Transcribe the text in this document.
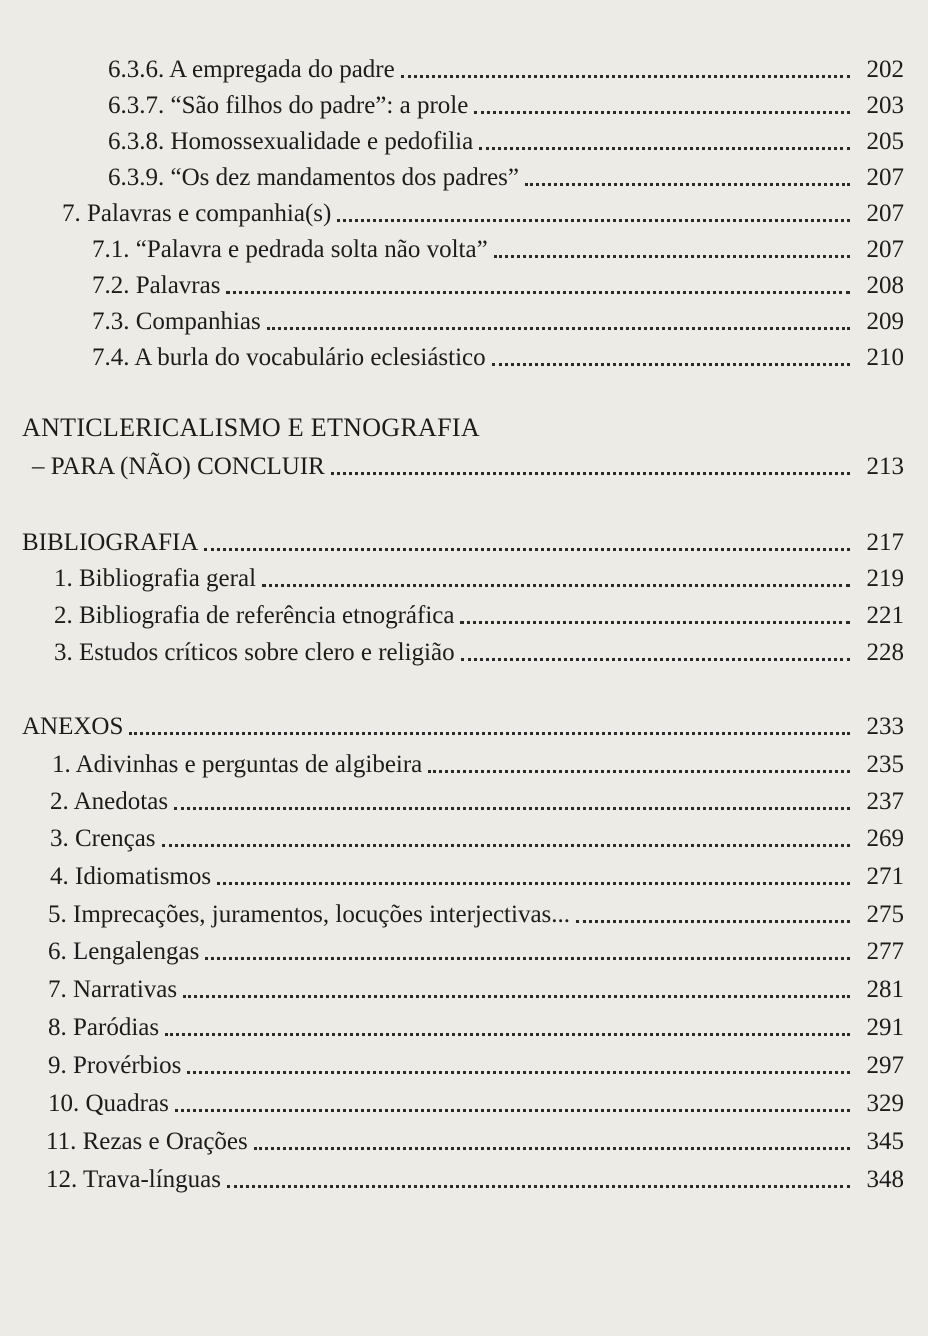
6.3.6. A empregada do padre	202
6.3.7. “São filhos do padre”: a prole	203
6.3.8. Homossexualidade e pedofilia	205
6.3.9. “Os dez mandamentos dos padres”	207
7. Palavras e companhia(s)	207
7.1. “Palavra e pedrada solta não volta”	207
7.2. Palavras	208
7.3. Companhias	209
7.4. A burla do vocabulário eclesiástico	210
ANTICLERICALISMO E ETNOGRAFIA
– PARA (NÃO) CONCLUIR	213
BIBLIOGRAFIA	217
1. Bibliografia geral	219
2. Bibliografia de referência etnográfica	221
3. Estudos críticos sobre clero e religião	228
ANEXOS	233
1. Adivinhas e perguntas de algibeira	235
2. Anedotas	237
3. Crenças	269
4. Idiomatismos	271
5. Imprecações, juramentos, locuções interjectivas...	275
6. Lengalengas	277
7. Narrativas	281
8. Paródias	291
9. Provérbios	297
10. Quadras	329
11. Rezas e Orações	345
12. Trava-línguas	348
